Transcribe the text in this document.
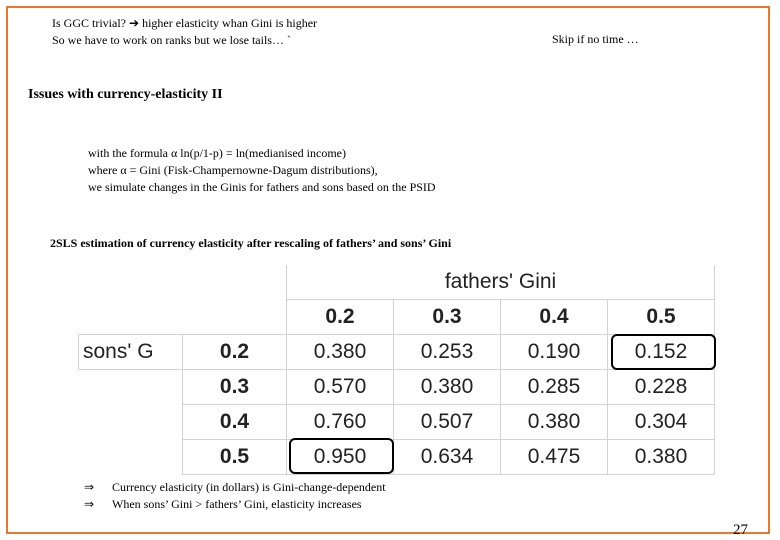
Is GGC trivial? ➔ higher elasticity whan Gini is higher
So we have to work on ranks but we lose tails… `	Skip if no time …
Issues with currency-elasticity II
with the formula α ln(p/1-p) = ln(medianised income)
where α = Gini (Fisk-Champernowne-Dagum distributions),
we simulate changes in the Ginis for fathers and sons based on the PSID
2SLS estimation of currency elasticity after rescaling of fathers’ and sons’ Gini
		fathers' Gini			
		0.2	0.3	0.4	0.5
sons' G	0.2	0.380	0.253	0.190	0.152
	0.3	0.570	0.380	0.285	0.228
	0.4	0.760	0.507	0.380	0.304
	0.5	0.950	0.634	0.475	0.380
⇒ Currency elasticity (in dollars) is Gini-change-dependent
⇒ When sons’ Gini > fathers’ Gini, elasticity increases
27
